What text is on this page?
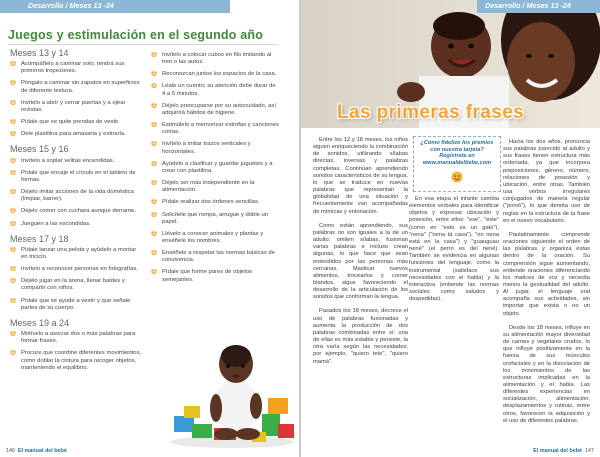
Desarrollo / Meses 13 -24
Juegos y estimulación en el segundo año
Meses 13 y 14
Acompáñelo a caminar solo, tendrá sus primeros tropezones.
Póngalo a caminar sin zapatos en superficies de diferente textura.
Invítelo a abrir y cerrar puertas y a ojear revistas.
Pídale que se quite prendas de vestir.
Dele plastilina para amasarla y estirarla.
Meses 15 y 16
Invítelo a soplar velitas encendidas.
Pídale que encaje el círculo en el tablero de formas.
Déjelo imitar acciones de la vida doméstica (limpiar, barrer).
Déjelo comer con cuchara aunque derrame.
Jueguen a las escondidas.
Meses 17 y 18
Pídale lanzar una pelota y ayúdelo a montar en triciclo.
Invítelo a reconocer personas en fotografías.
Déjelo jugar en la arena, llenar baldes y compartir con niños.
Pídale que se ayude a vestir y que señale partes de su cuerpo.
Meses 19 a 24
Motívelo a asociar dos o más palabras para formar frases.
Procure que coordine diferentes movimientos, como doblar la cintura para recoger objetos, manteniendo el equilibrio.
Invítelo a colocar cubos en filo imitando al tren o las autos.
Reconozcan juntos los espacios de la casa.
Léale un cuento; su atención debe durar de 4 a 5 minutos.
Déjelo preocuparse por su autocuidado, así adquirirá hábitos de higiene.
Estimúlelo a memorizar estrofas y canciones cortas.
Invítelo a imitar trazos verticales y horizontales.
Ayúdelo a clasificar y guardar juguetes y a crear con plastilina.
Déjelo ser más independiente en la alimentación.
Pídale realizar dos órdenes sencillas.
Solicítele que rompa, arrugue y doble un papel.
Llévelo a conocer animales y plantas y enséñele los nombres.
Enséñele a respetar las normas básicas de convivencia.
Pídale que forme pares de objetos semejantes.
146 El manual del bebé
Desarrollo / Meses 13 -24
Las primeras frases

Entre los 12 y 18 meses, los niños siguen enriqueciendo la combinación de sonidos, utilizando sílabas directas, inversas y palabras completas. Continúan aprendiendo sonidos característicos de su lengua, lo que se traduce en nuevas palabras que representan la globalidad de una situación y frecuentemente van acompañadas de mímicas y entonación.

Como están aprendiendo, sus palabras no son iguales a la de un adulto: omiten sílabas, fusionan varias palabras e incluso crean algunas, lo que hace que sean entendidos por las personas más cercanas. Masticar nuevos alimentos, trocearlos y comer blandos, sigue favoreciendo el desarrollo de la articulación de los sonidos que conforman la lengua.

Pasados los 18 meses, decrece el uso de palabras fusionadas y aumenta la producción de dos palabras combinadas entre sí: una de ellas es más estable y persiste, la otra varía según las necesidades; por ejemplo, "quiero tete", "quiero mamá".

¿Cómo fidelizo los premios con nuestra tarjeta? Regístrate en www.manualdelbebe.com

En esa etapa el infante cambia elementos verbales para identificar objetos y expresar ubicación y posesión, entre ellos: "ese", "este" (como en "esto es un gato"), "nena" ("nena tá casa"), "no nena está en la casa") y "guauguau nené" (el perro es del nené). También se evidencia en algunas funciones del lenguaje, como la instrumental (satisface sus necesidades con el habla) y la interactiva (entiende las normas sociales como saludos y despedidas).

Hacia los dos años, pronuncia sus palabras parecido al adulto y sus frases tienen estructura más ordenada, ya que incorpora preposiciones, género, número, relaciones de posesión y ubicación, entre otras. También usa verbos irregulares conjugados de manera regular ("ponió"), lo que denota uso de reglas en la estructura de la frase en el nuevo vocabulario.

Paulatinamente comprende oraciones siguiendo el orden de las palabras y organiza éstas dentro de la oración. Su comprensión sigue aumentando, entiende oraciones diferenciando los matices de voz y necesita menos la gestualidad del adulto. Al jugar, el lenguaje oral acompaña sus actividades, sin importar que exista o no un objeto.

Desde los 18 meses, influye en su alimentación mayor diversidad de carnes y vegetales crudos, lo que influye positivamente en la fuerza de sus músculos orofaciales y en la disociación de los movimientos de las estructuras implicadas en la alimentación y el habla. Las diferentes experiencias en socialización, alimentación, desplazamientos y rutinas, entre otros, favorecen la adquisición y el uso de diferentes palabras.

El manual del bebé 147
